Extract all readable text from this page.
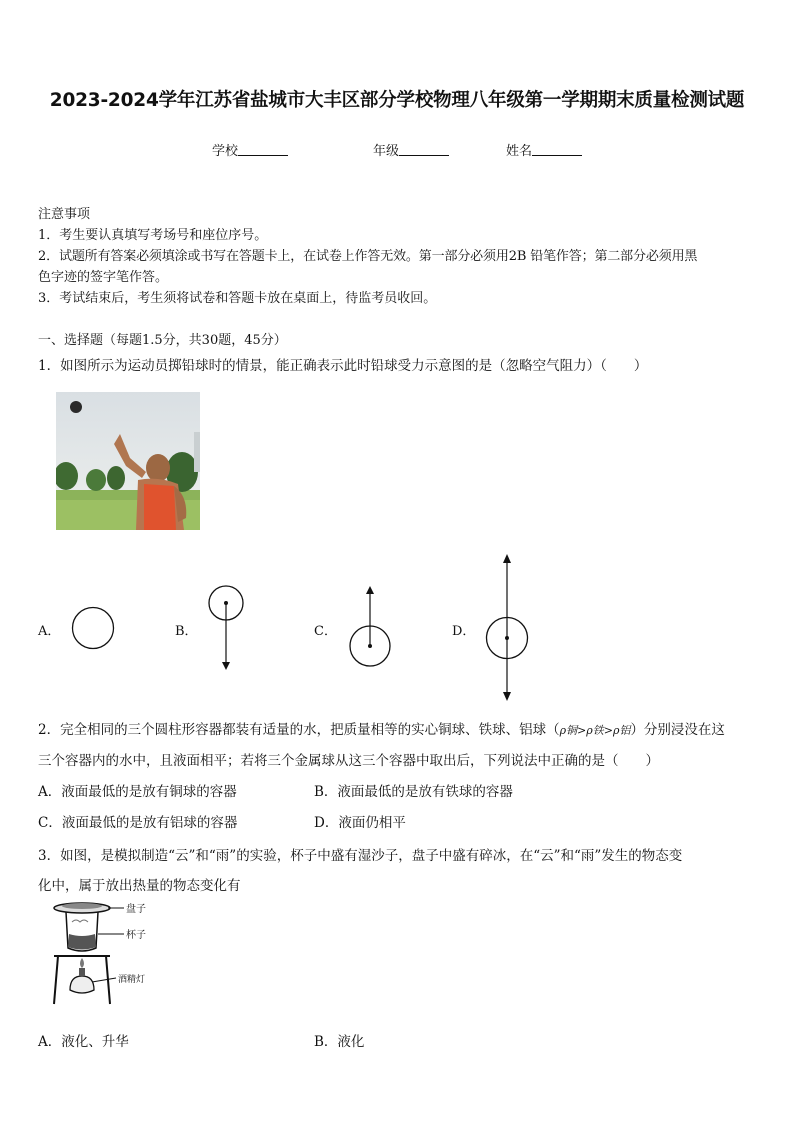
2023-2024学年江苏省盐城市大丰区部分学校物理八年级第一学期期末质量检测试题
学校	年级	姓名
注意事项
1．考生要认真填写考场号和座位序号。
2．试题所有答案必须填涂或书写在答题卡上，在试卷上作答无效。第一部分必须用2B 铅笔作答；第二部分必须用黑
色字迹的签字笔作答。
3．考试结束后，考生须将试卷和答题卡放在桌面上，待监考员收回。
一、选择题（每题1.5分，共30题，45分）
1．如图所示为运动员掷铅球时的情景，能正确表示此时铅球受力示意图的是（忽略空气阻力）（　　）
A．	B．	C．	D．
2．完全相同的三个圆柱形容器都装有适量的水，把质量相等的实心铜球、铁球、铝球（ρ铜>ρ铁>ρ铝）分别浸没在这
三个容器内的水中，且液面相平；若将三个金属球从这三个容器中取出后，下列说法中正确的是（　　）
A．液面最低的是放有铜球的容器	B．液面最低的是放有铁球的容器
C．液面最低的是放有铝球的容器	D．液面仍相平
3．如图，是模拟制造“云”和“雨”的实验，杯子中盛有湿沙子，盘子中盛有碎冰，在“云”和“雨”发生的物态变
化中，属于放出热量的物态变化有
盘子
杯子
酒精灯
A．液化、升华	B．液化
